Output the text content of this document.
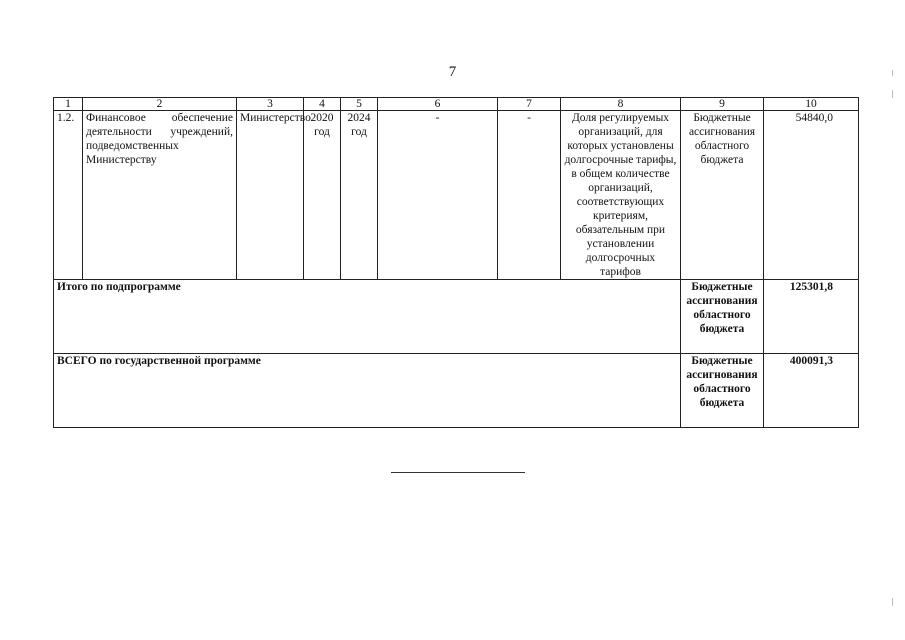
7
1	2	3	4	5	6	7	8	9	10
1.2.	Финансовое обеспечение деятельности учреждений, подведомственных Министерству	Министерство	2020 год	2024 год	-	-	Доля регулируемых организаций, для которых установлены долгосрочные тарифы, в общем количестве организаций, соответствующих критериям, обязательным при установлении долгосрочных тарифов	Бюджетные ассигнования областного бюджета	54840,0
Итого по подпрограмме								Бюджетные ассигнования областного бюджета	125301,8
ВСЕГО по государственной программе								Бюджетные ассигнования областного бюджета	400091,3
